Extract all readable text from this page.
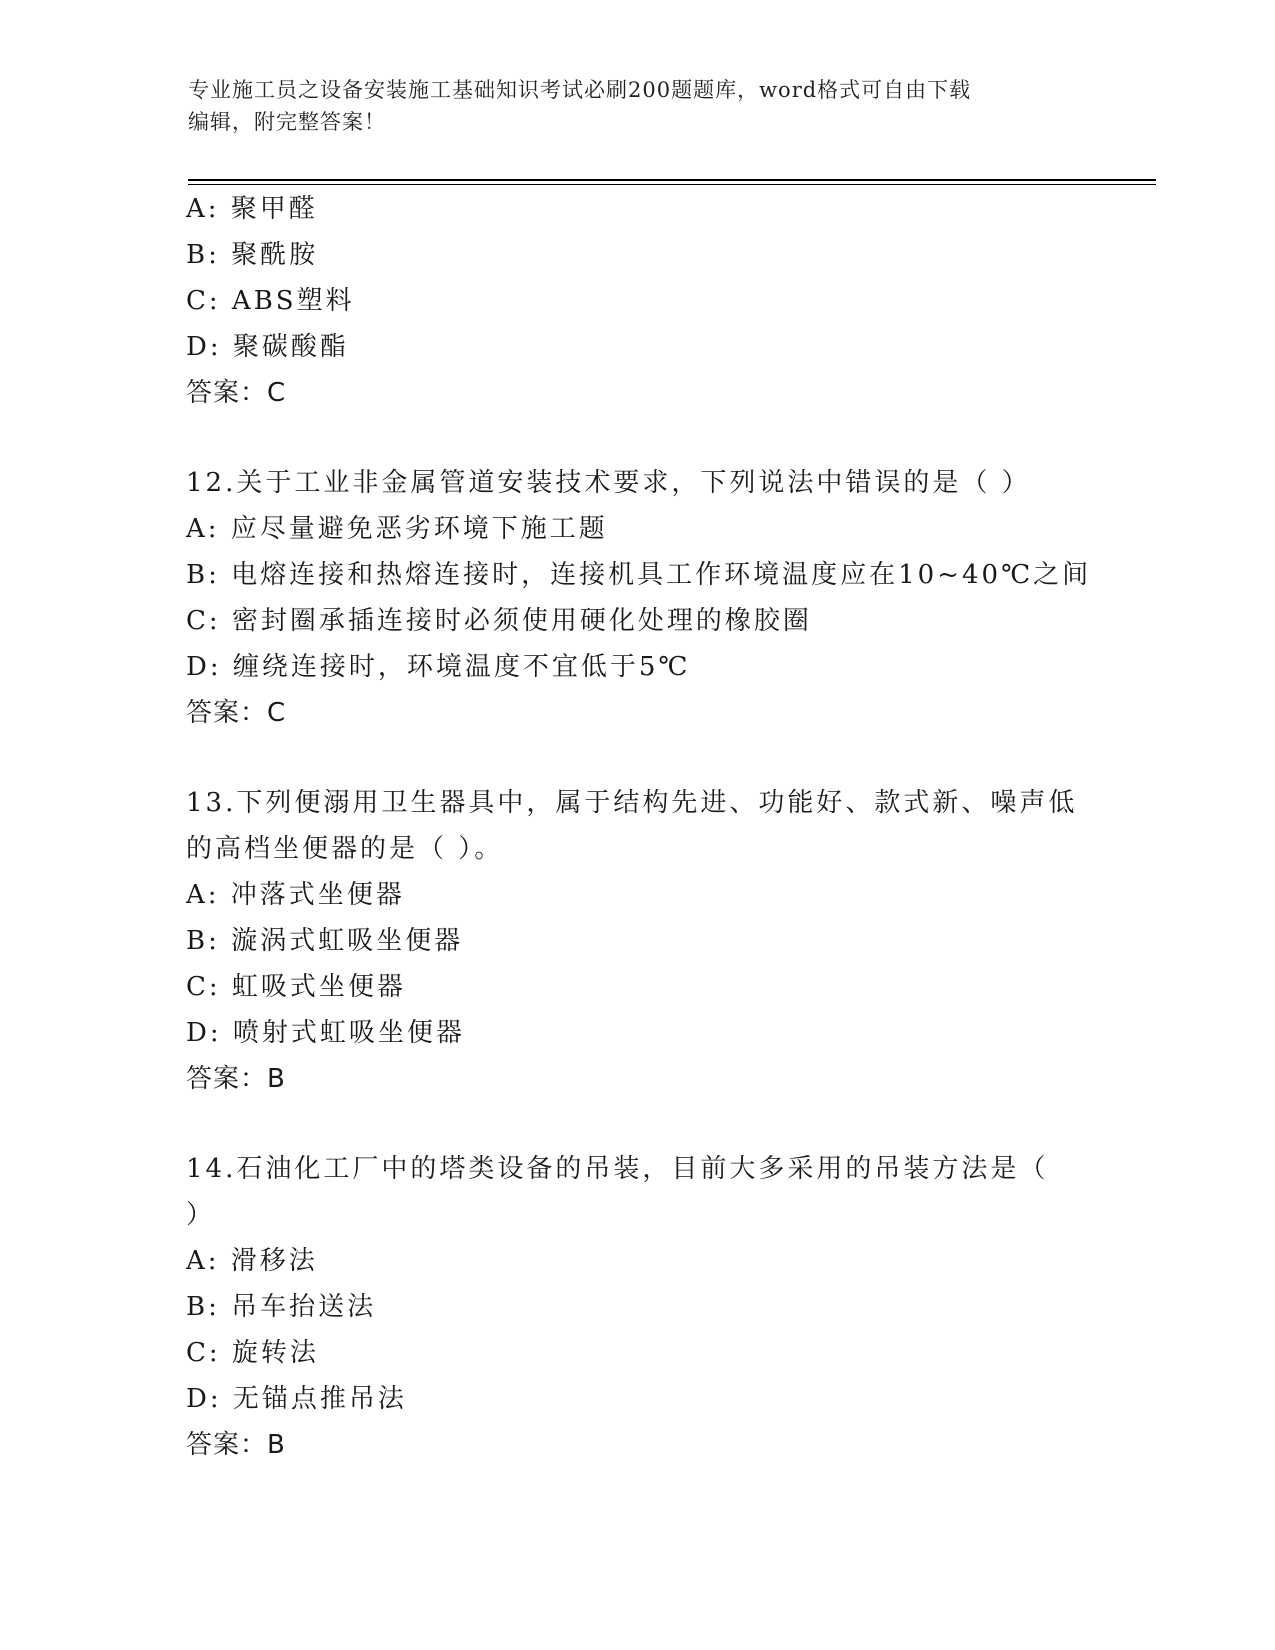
专业施工员之设备安装施工基础知识考试必刷200题题库，word格式可自由下载
编辑，附完整答案！
A: 聚甲醛
B: 聚酰胺
C: ABS塑料
D: 聚碳酸酯
答案：C
12.关于工业非金属管道安装技术要求，下列说法中错误的是（ ）
A: 应尽量避免恶劣环境下施工题
B: 电熔连接和热熔连接时，连接机具工作环境温度应在10~40℃之间
C: 密封圈承插连接时必须使用硬化处理的橡胶圈
D: 缠绕连接时，环境温度不宜低于5℃
答案：C
13.下列便溺用卫生器具中，属于结构先进、功能好、款式新、噪声低
的高档坐便器的是（ ）。
A: 冲落式坐便器
B: 漩涡式虹吸坐便器
C: 虹吸式坐便器
D: 喷射式虹吸坐便器
答案：B
14.石油化工厂中的塔类设备的吊装，目前大多采用的吊装方法是（
）
A: 滑移法
B: 吊车抬送法
C: 旋转法
D: 无锚点推吊法
答案：B
